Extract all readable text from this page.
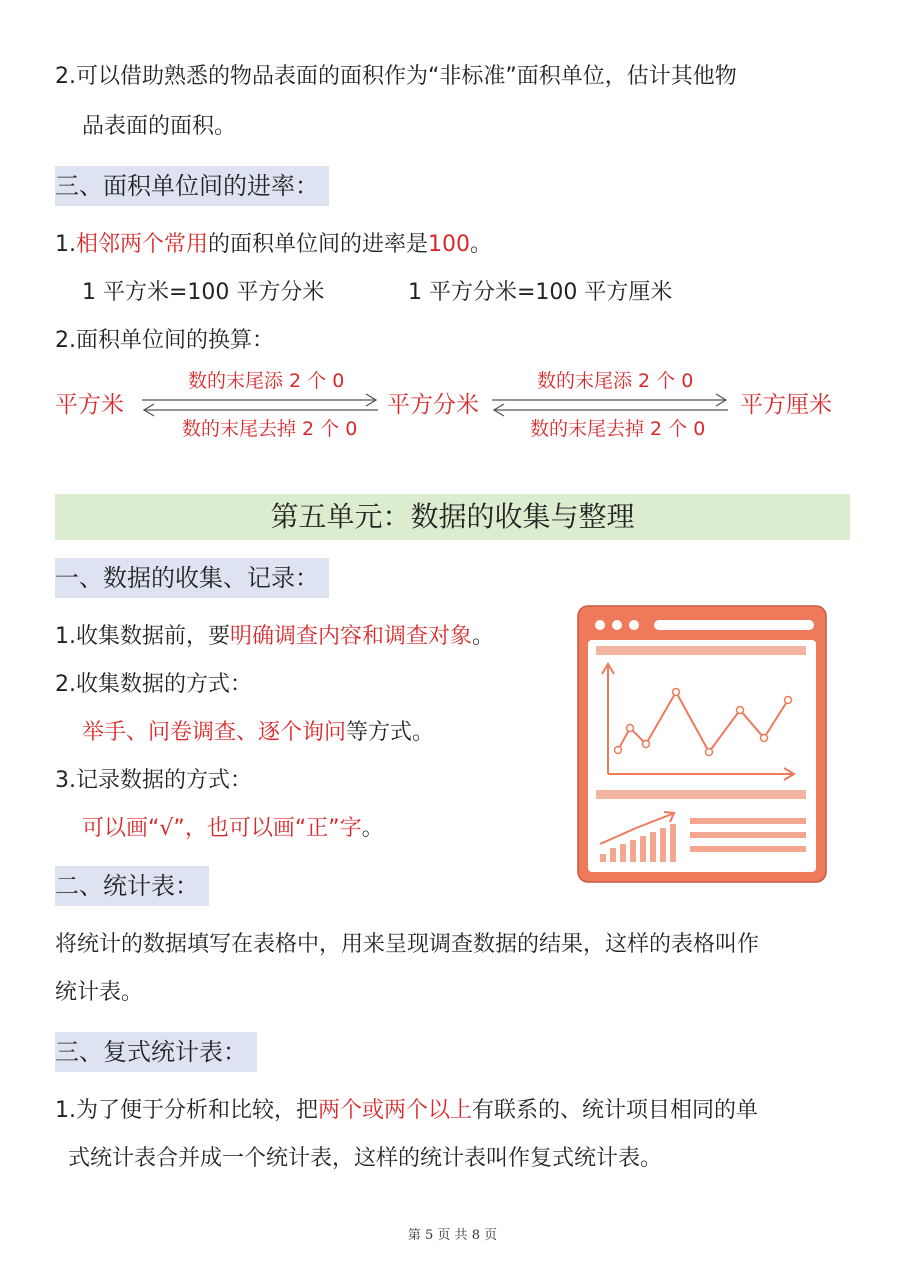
2.可以借助熟悉的物品表面的面积作为“非标准”面积单位，估计其他物
品表面的面积。
三、面积单位间的进率：
1.相邻两个常用的面积单位间的进率是100。
1 平方米=100 平方分米	1 平方分米=100 平方厘米
2.面积单位间的换算：
平方米
数的末尾添 2 个 0
数的末尾去掉 2 个 0
平方分米
数的末尾添 2 个 0
数的末尾去掉 2 个 0
平方厘米
第五单元：数据的收集与整理
一、数据的收集、记录：
1.收集数据前，要明确调查内容和调查对象。
2.收集数据的方式：
举手、问卷调查、逐个询问等方式。
3.记录数据的方式：
可以画“√”，也可以画“正”字。
二、统计表：
将统计的数据填写在表格中，用来呈现调查数据的结果，这样的表格叫作
统计表。
三、复式统计表：
1.为了便于分析和比较，把两个或两个以上有联系的、统计项目相同的单
式统计表合并成一个统计表，这样的统计表叫作复式统计表。
第 5 页 共 8 页
